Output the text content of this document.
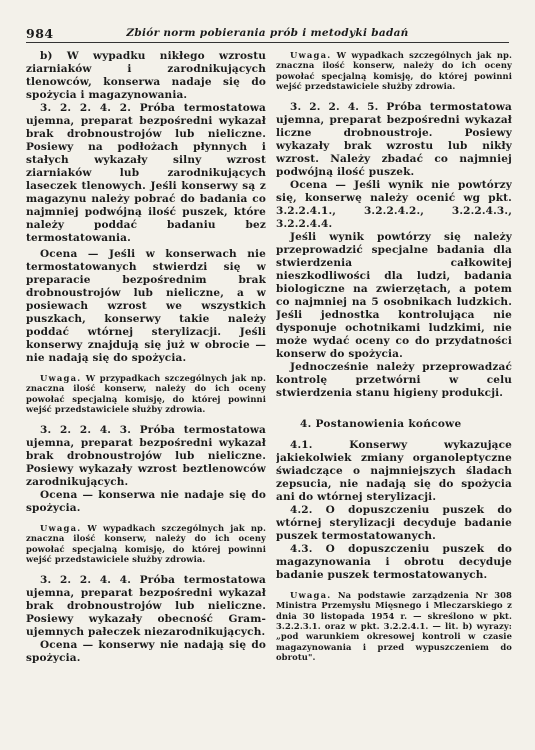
984	Zbiór norm pobierania prób i metodyki badań

b) W wypadku nikłego wzrostu ziarniaków i zarodnikujących tlenowców, konserwa nadaje się do spożycia i magazynowania.

3. 2. 2. 4. 2. Próba termostatowa ujemna, preparat bezpośredni wykazał brak drobnoustrojów lub nieliczne. Posiewy na podłożach płynnych i stałych wykazały silny wzrost ziarniaków lub zarodnikujących laseczek tlenowych. Jeśli konserwy są z magazynu należy pobrać do badania co najmniej podwójną ilość puszek, które należy poddać badaniu bez termostatowania.

Ocena — Jeśli w konserwach nie termostatowanych stwierdzi się w preparacie bezpośrednim brak drobnoustrojów lub nieliczne, a w posiewach wzrost we wszystkich puszkach, konserwy takie należy poddać wtórnej sterylizacji. Jeśli konserwy znajdują się już w obrocie — nie nadają się do spożycia.

Uwaga. W przypadkach szczególnych jak np. znaczna ilość konserw, należy do ich oceny powołać specjalną komisję, do której powinni wejść przedstawiciele służby zdrowia.

3. 2. 2. 4. 3. Próba termostatowa ujemna, preparat bezpośredni wykazał brak drobnoustrojów lub nieliczne. Posiewy wykazały wzrost beztlenowców zarodnikujących.

Ocena — konserwa nie nadaje się do spożycia.

Uwaga. W wypadkach szczególnych jak np. znaczna ilość konserw, należy do ich oceny powołać specjalną komisję, do której powinni wejść przedstawiciele służby zdrowia.

3. 2. 2. 4. 4. Próba termostatowa ujemna, preparat bezpośredni wykazał brak drobnoustrojów lub nieliczne. Posiewy wykazały obecność Gram-ujemnych pałeczek niezarodnikujących.

Ocena — konserwy nie nadają się do spożycia.

Uwaga. W wypadkach szczególnych jak np. znaczna ilość konserw, należy do ich oceny powołać specjalną komisję, do której powinni wejść przedstawiciele służby zdrowia.

3. 2. 2. 4. 5. Próba termostatowa ujemna, preparat bezpośredni wykazał liczne drobnoustroje. Posiewy wykazały brak wzrostu lub nikły wzrost. Należy zbadać co najmniej podwójną ilość puszek.

Ocena — Jeśli wynik nie powtórzy się, konserwę należy ocenić wg pkt. 3.2.2.4.1., 3.2.2.4.2., 3.2.2.4.3., 3.2.2.4.4.

Jeśli wynik powtórzy się należy przeprowadzić specjalne badania dla stwierdzenia całkowitej nieszkodliwości dla ludzi, badania biologiczne na zwierzętach, a potem co najmniej na 5 osobnikach ludzkich. Jeśli jednostka kontrolująca nie dysponuje ochotnikami ludzkimi, nie może wydać oceny co do przydatności konserw do spożycia.

Jednocześnie należy przeprowadzać kontrolę przetwórni w celu stwierdzenia stanu higieny produkcji.

4. Postanowienia końcowe

4.1.	Konserwy wykazujące jakiekolwiek zmiany organoleptyczne świadczące o najmniejszych śladach zepsucia, nie nadają się do spożycia ani do wtórnej sterylizacji.

4.2. O dopuszczeniu puszek do wtórnej sterylizacji decyduje badanie puszek termostatowanych.

4.3. O dopuszczeniu puszek do magazynowania i obrotu decyduje badanie puszek termostatowanych.

Uwaga. Na podstawie zarządzenia Nr 308 Ministra Przemysłu Mięsnego i Mleczarskiego z dnia 30 listopada 1954 r. — skreślono w pkt. 3.2.2.3.1. oraz w pkt. 3.2.2.4.1. — lit. b) wyrazy: „pod warunkiem okresowej kontroli w czasie magazynowania i przed wypuszczeniem do obrotu".
